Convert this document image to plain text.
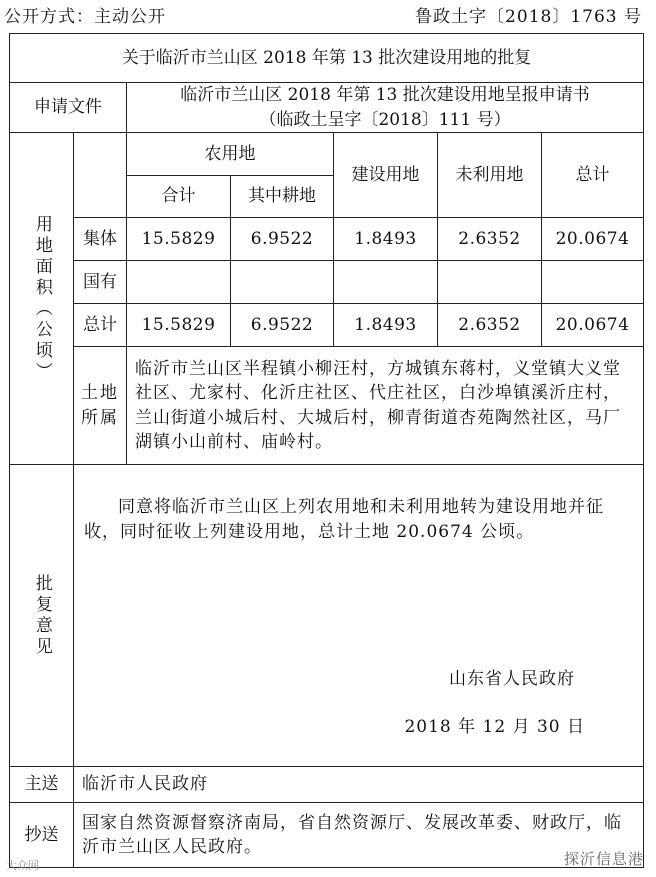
公开方式：主动公开	鲁政土字〔2018〕1763 号
关于临沂市兰山区 2018 年第 13 批次建设用地的批复						
申请文件		临沂市兰山区 2018 年第 13 批次建设用地呈报申请书
（临政土呈字〔2018〕111 号）				

用地面积（公顷）		农用地		建设用地	未利用地	总计
		合计	其中耕地			
	集体	15.5829	6.9522	1.8493	2.6352	20.0674
	国有					
	总计	15.5829	6.9522	1.8493	2.6352	20.0674

	土地所属	临沂市兰山区半程镇小柳汪村，方城镇东蒋村，义堂镇大义堂社区、尤家村、化沂庄社区、代庄社区，白沙埠镇溪沂庄村，兰山街道小城后村、大城后村，柳青街道杏苑陶然社区，马厂湖镇小山前村、庙岭村。				

批复意见	同意将临沂市兰山区上列农用地和未利用地转为建设用地并征收，同时征收上列建设用地，总计土地 20.0674 公顷。
山东省人民政府
2018 年 12 月 30 日					

主送	临沂市人民政府					
抄送	国家自然资源督察济南局，省自然资源厅、发展改革委、财政厅，临沂市兰山区人民政府。					
大众网	探沂信息港
